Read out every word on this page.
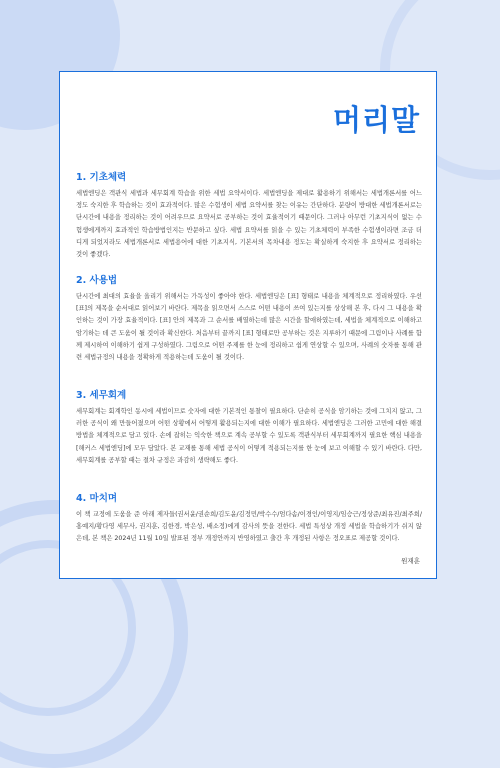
머리말
1. 기초체력

세법엔딩은 객관식 세법과 세무회계 학습을 위한 세법 요약서이다. 세법엔딩을 제대로 활용하기 위해서는 세법개론서를 어느 정도 숙지한 후 학습하는 것이 효과적이다. 많은 수험생이 세법 요약서를 찾는 이유는 간단하다. 분량이 방대한 세법개론서로는 단시간에 내용을 정리하는 것이 어려우므로 요약서로 공부하는 것이 효율적이기 때문이다. 그러나 아무런 기초지식이 없는 수험생에게까지 효과적인 학습방법인지는 반문하고 싶다. 세법 요약서를 읽을 수 있는 기초체력이 부족한 수험생이라면 조금 더디게 되었지라도 세법개론서로 세법용어에 대한 기초지식, 기본서의 목차내용 정도는 확실하게 숙지한 후 요약서로 정리하는 것이 좋겠다.

2. 사용법

단시간에 최대의 효율을 올리기 위해서는 가독성이 좋아야 한다. 세법엔딩은 [표] 형태로 내용을 체계적으로 정리하였다. 우선 [표]의 제목을 순서대로 읽어보기 바란다. 제목을 읽으면서 스스로 어떤 내용이 쓰여 있는지를 상상해 본 후, 다시 그 내용을 확인하는 것이 가장 효율적이다. [표] 안의 제목과 그 순서를 배열하는데 많은 시간을 할애하였는데, 세법을 체계적으로 이해하고 암기하는 데 큰 도움이 될 것이라 확신한다. 처음부터 끝까지 [표] 형태로만 공부하는 것은 지루하기 때문에 그림이나 사례를 함께 제시하여 이해하기 쉽게 구성하였다. 그림으로 어떤 주제를 한 눈에 정리하고 쉽게 연상할 수 있으며, 사례의 숫자를 통해 관련 세법규정의 내용을 정확하게 적용하는데 도움이 될 것이다.

3. 세무회계

세무회계는 회계학인 동시에 세법이므로 숫자에 대한 기본적인 통찰이 필요하다. 단순히 공식을 암기하는 것에 그치지 않고, 그러한 공식이 왜 만들어졌으며 어떤 상황에서 어떻게 활용되는지에 대한 이해가 필요하다. 세법엔딩은 그러한 고민에 대한 해결방법을 체계적으로 담고 있다. 손에 잡히는 익숙한 책으로 계속 공부할 수 있도록 객관식부터 세무회계까지 필요한 핵심 내용을 [해커스 세법엔딩]에 모두 담았다. 본 교재를 통해 세법 공식이 어떻게 적용되는지를 한 눈에 보고 이해할 수 있기 바란다. 다만, 세무회계를 공부할 때는 절차 규정은 과감히 생략해도 좋다.

4. 마치며

이 책 교정에 도움을 준 아래 제자들(권서윤/권순희/김도윤/김정민/박수수/엄다솜/이경인/이영지/임승근/정상준/최유진/최주희/홍예지/황다영 세무사, 권지훈, 김한경, 박은성, 배소정)에게 감사의 뜻을 전한다. 세법 특성상 개정 세법을 학습하기가 쉬지 않은데, 본 책은 2024년 11월 10일 발표된 정부 개정안까지 반영하였고 출간 후 개정된 사항은 정오표로 제공할 것이다.

원재훈
